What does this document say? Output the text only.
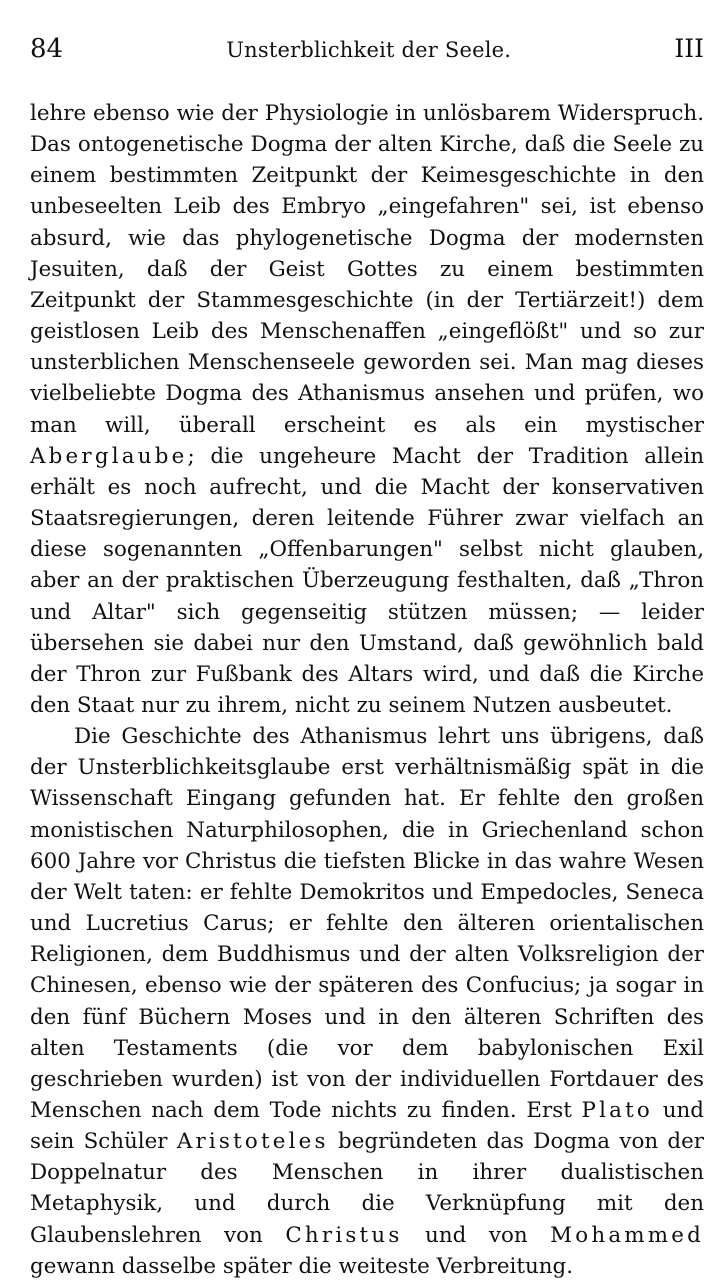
84	Unsterblichkeit der Seele.	III

lehre ebenso wie der Physiologie in unlösbarem Widerspruch. Das ontogenetische Dogma der alten Kirche, daß die Seele zu einem bestimmten Zeitpunkt der Keimesgeschichte in den unbeseelten Leib des Embryo „eingefahren" sei, ist ebenso absurd, wie das phylogenetische Dogma der modernsten Jesuiten, daß der Geist Gottes zu einem bestimmten Zeitpunkt der Stammesgeschichte (in der Tertiärzeit!) dem geistlosen Leib des Menschenaffen „eingeflößt" und so zur unsterblichen Menschenseele geworden sei. Man mag dieses vielbeliebte Dogma des Athanismus ansehen und prüfen, wo man will, überall erscheint es als ein mystischer Aberglaube; die ungeheure Macht der Tradition allein erhält es noch aufrecht, und die Macht der konservativen Staatsregierungen, deren leitende Führer zwar vielfach an diese sogenannten „Offenbarungen" selbst nicht glauben, aber an der praktischen Überzeugung festhalten, daß „Thron und Altar" sich gegenseitig stützen müssen; — leider übersehen sie dabei nur den Umstand, daß gewöhnlich bald der Thron zur Fußbank des Altars wird, und daß die Kirche den Staat nur zu ihrem, nicht zu seinem Nutzen ausbeutet.

Die Geschichte des Athanismus lehrt uns übrigens, daß der Unsterblichkeitsglaube erst verhältnismäßig spät in die Wissenschaft Eingang gefunden hat. Er fehlte den großen monistischen Naturphilosophen, die in Griechenland schon 600 Jahre vor Christus die tiefsten Blicke in das wahre Wesen der Welt taten: er fehlte Demokritos und Empedocles, Seneca und Lucretius Carus; er fehlte den älteren orientalischen Religionen, dem Buddhismus und der alten Volksreligion der Chinesen, ebenso wie der späteren des Confucius; ja sogar in den fünf Büchern Moses und in den älteren Schriften des alten Testaments (die vor dem babylonischen Exil geschrieben wurden) ist von der individuellen Fortdauer des Menschen nach dem Tode nichts zu finden. Erst Plato und sein Schüler Aristoteles begründeten das Dogma von der Doppelnatur des Menschen in ihrer dualistischen Metaphysik, und durch die Verknüpfung mit den Glaubenslehren von Christus und von Mohammed gewann dasselbe später die weiteste Verbreitung.
